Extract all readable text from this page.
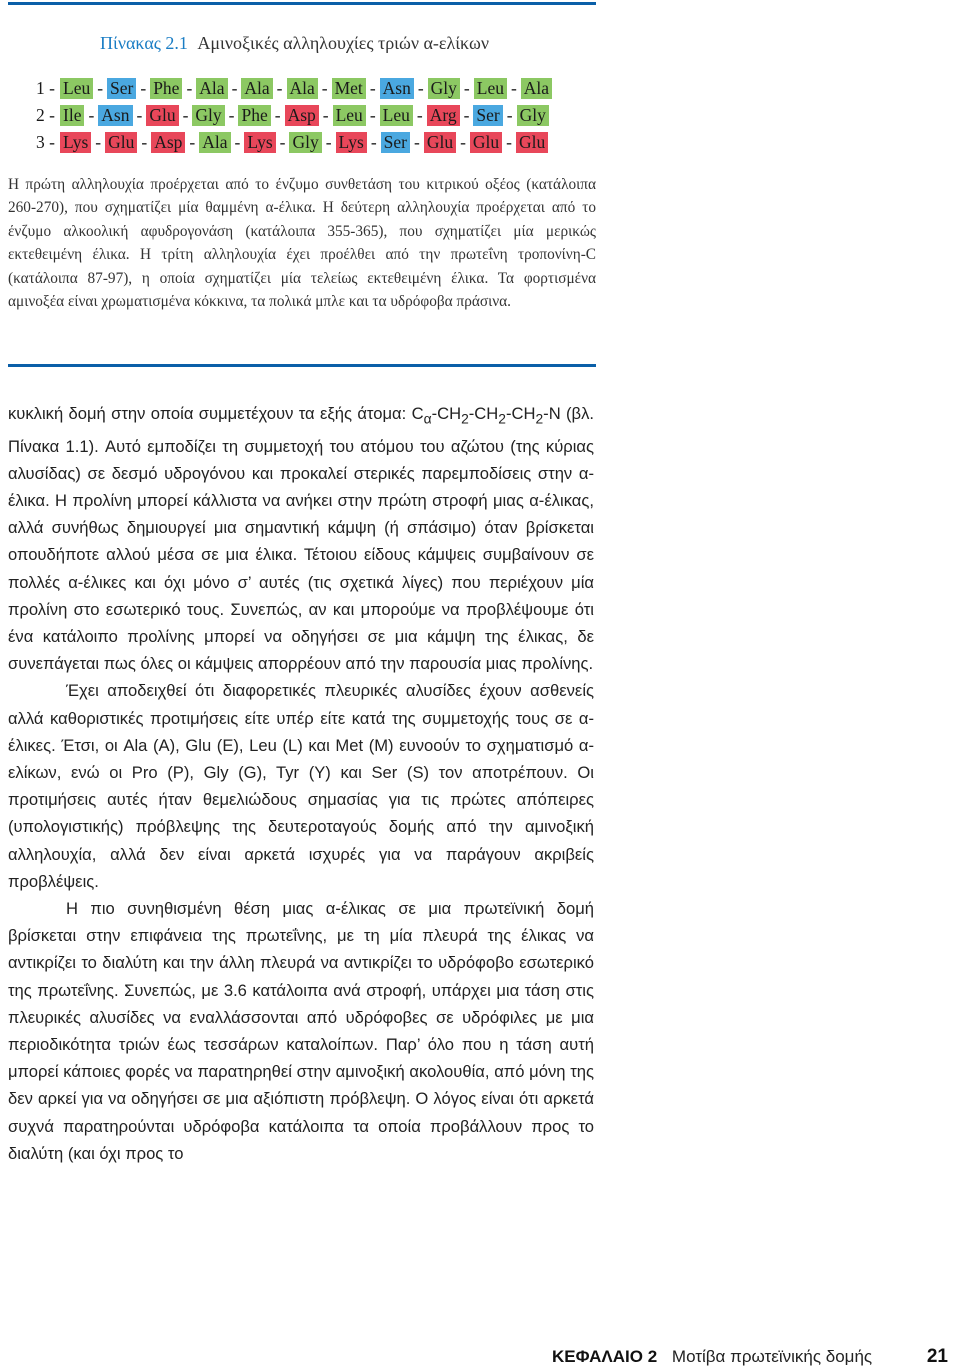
Πίνακας 2.1 Αμινοξικές αλληλουχίες τριών α-ελίκων
1 - Leu - Ser - Phe - Ala - Ala - Ala - Met - Asn - Gly - Leu - Ala
2 - Ile - Asn - Glu - Gly - Phe - Asp - Leu - Leu - Arg - Ser - Gly
3 - Lys - Glu - Asp - Ala - Lys - Gly - Lys - Ser - Glu - Glu - Glu

Η πρώτη αλληλουχία προέρχεται από το ένζυμο συνθετάση του κιτρικού οξέος (κατάλοιπα 260-270), που σχηματίζει μία θαμμένη α-έλικα. Η δεύτερη αλληλουχία προέρχεται από το ένζυμο αλκοολική αφυδρογονάση (κατάλοιπα 355-365), που σχηματίζει μία μερικώς εκτεθειμένη έλικα. Η τρίτη αλληλουχία έχει προέλθει από την πρωτεΐνη τροπονίνη-C (κατάλοιπα 87-97), η οποία σχηματίζει μία τελείως εκτεθειμένη έλικα. Τα φορτισμένα αμινοξέα είναι χρωματισμένα κόκκινα, τα πολικά μπλε και τα υδρόφοβα πράσινα.

κυκλική δομή στην οποία συμμετέχουν τα εξής άτομα: $C_\alpha-CH_2-CH_2-CH_2-N$ (βλ. Πίνακα 1.1). Αυτό εμποδίζει τη συμμετοχή του ατόμου του αζώτου (της κύριας αλυσίδας) σε δεσμό υδρογόνου και προκαλεί στερικές παρεμποδίσεις στην α-έλικα. Η προλίνη μπορεί κάλλιστα να ανήκει στην πρώτη στροφή μιας α-έλικας, αλλά συνήθως δημιουργεί μια σημαντική κάμψη (ή σπάσιμο) όταν βρίσκεται οπουδήποτε αλλού μέσα σε μια έλικα. Τέτοιου είδους κάμψεις συμβαίνουν σε πολλές α-έλικες και όχι μόνο σ’ αυτές (τις σχετικά λίγες) που περιέχουν μία προλίνη στο εσωτερικό τους. Συνεπώς, αν και μπορούμε να προβλέψουμε ότι ένα κατάλοιπο προλίνης μπορεί να οδηγήσει σε μια κάμψη της έλικας, δε συνεπάγεται πως όλες οι κάμψεις απορρέουν από την παρουσία μιας προλίνης.

Έχει αποδειχθεί ότι διαφορετικές πλευρικές αλυσίδες έχουν ασθενείς αλλά καθοριστικές προτιμήσεις είτε υπέρ είτε κατά της συμμετοχής τους σε α-έλικες. Έτσι, οι Ala (A), Glu (E), Leu (L) και Met (M) ευνοούν το σχηματισμό α-ελίκων, ενώ οι Pro (P), Gly (G), Tyr (Y) και Ser (S) τον αποτρέπουν. Οι προτιμήσεις αυτές ήταν θεμελιώδους σημασίας για τις πρώτες απόπειρες (υπολογιστικής) πρόβλεψης της δευτεροταγούς δομής από την αμινοξική αλληλουχία, αλλά δεν είναι αρκετά ισχυρές για να παράγουν ακριβείς προβλέψεις.

Η πιο συνηθισμένη θέση μιας α-έλικας σε μια πρωτεϊνική δομή βρίσκεται στην επιφάνεια της πρωτεΐνης, με τη μία πλευρά της έλικας να αντικρίζει το διαλύτη και την άλλη πλευρά να αντικρίζει το υδρόφοβο εσωτερικό της πρωτεΐνης. Συνεπώς, με 3.6 κατάλοιπα ανά στροφή, υπάρχει μια τάση στις πλευρικές αλυσίδες να εναλλάσσονται από υδρόφοβες σε υδρόφιλες με μια περιοδικότητα τριών έως τεσσάρων καταλοίπων. Παρ’ όλο που η τάση αυτή μπορεί κάποιες φορές να παρατηρηθεί στην αμινοξική ακολουθία, από μόνη της δεν αρκεί για να οδηγήσει σε μια αξιόπιστη πρόβλεψη. Ο λόγος είναι ότι αρκετά συχνά παρατηρούνται υδρόφοβα κατάλοιπα τα οποία προβάλλουν προς το διαλύτη (και όχι προς το

ΚΕΦΑΛΑΙΟ 2 Μοτίβα πρωτεϊνικής δομής	21
